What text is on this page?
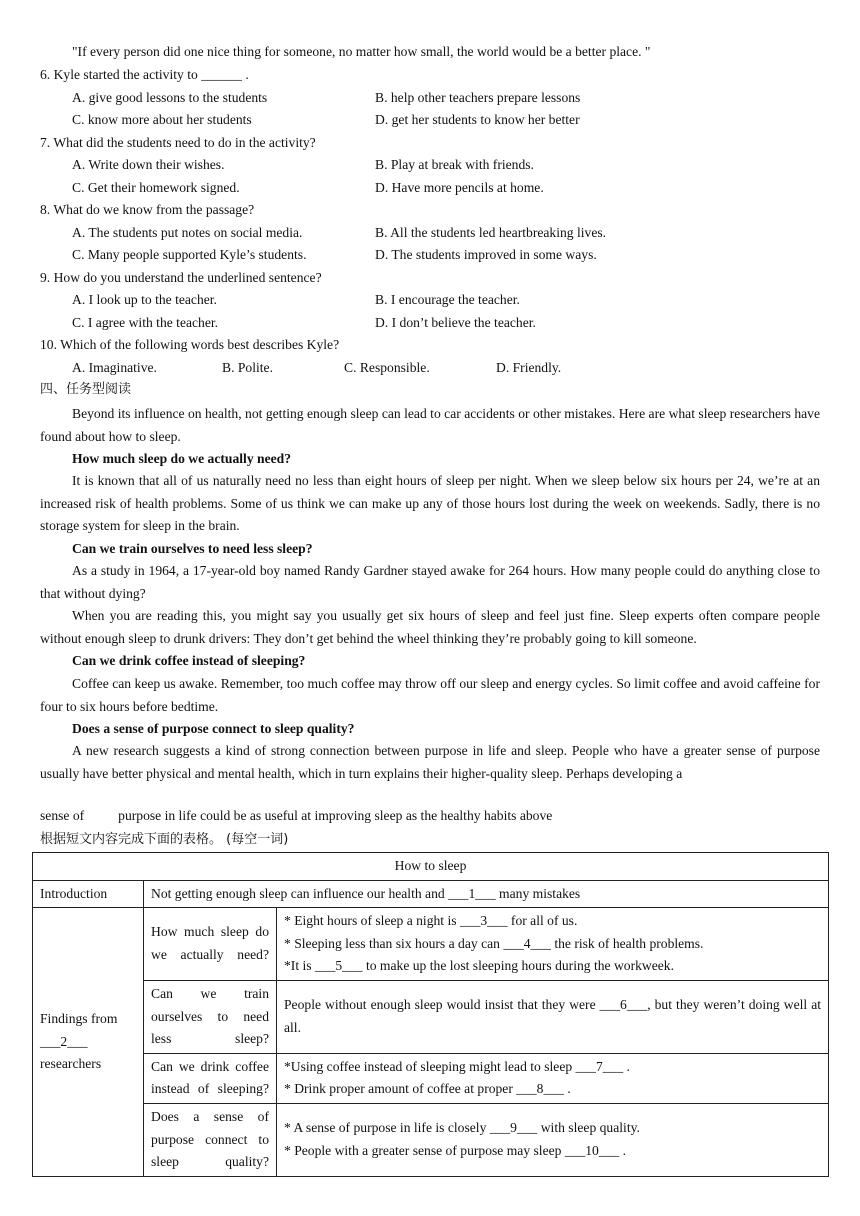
"If every person did one nice thing for someone, no matter how small, the world would be a better place. "
6. Kyle started the activity to ______ .
A. give good lessons to the students	B. help other teachers prepare lessons
C. know more about her students	D. get her students to know her better
7. What did the students need to do in the activity?
A. Write down their wishes.	B. Play at break with friends.
C. Get their homework signed.	D. Have more pencils at home.
8. What do we know from the passage?
A. The students put notes on social media.	B. All the students led heartbreaking lives.
C. Many people supported Kyle’s students.	D. The students improved in some ways.
9. How do you understand the underlined sentence?
A. I look up to the teacher.	B. I encourage the teacher.
C. I agree with the teacher.	D. I don’t believe the teacher.
10. Which of the following words best describes Kyle?
A. Imaginative.	B. Polite.	C. Responsible.	D. Friendly.
四、任务型阅读
Beyond its influence on health, not getting enough sleep can lead to car accidents or other mistakes. Here are what sleep researchers have found about how to sleep.
How much sleep do we actually need?
It is known that all of us naturally need no less than eight hours of sleep per night. When we sleep below six hours per 24, we’re at an increased risk of health problems. Some of us think we can make up any of those hours lost during the week on weekends. Sadly, there is no storage system for sleep in the brain.
Can we train ourselves to need less sleep?
As a study in 1964, a 17-year-old boy named Randy Gardner stayed awake for 264 hours. How many people could do anything close to that without dying?
When you are reading this, you might say you usually get six hours of sleep and feel just fine. Sleep experts often compare people without enough sleep to drunk drivers: They don’t get behind the wheel thinking they’re probably going to kill someone.
Can we drink coffee instead of sleeping?
Coffee can keep us awake. Remember, too much coffee may throw off our sleep and energy cycles. So limit coffee and avoid caffeine for four to six hours before bedtime.
Does a sense of purpose connect to sleep quality?
A new research suggests a kind of strong connection between purpose in life and sleep. People who have a greater sense of purpose usually have better physical and mental health, which in turn explains their higher-quality sleep. Perhaps developing a
sense of          purpose in life could be as useful at improving sleep as the healthy habits above
根据短文内容完成下面的表格。 (每空一词)
How to sleep		
Introduction	Not getting enough sleep can influence our health and ___1___ many mistakes	
Findings from ___2___ researchers	How much sleep do we actually need?	* Eight hours of sleep a night is ___3___ for all of us.
* Sleeping less than six hours a day can ___4___ the risk of health problems.
*It is ___5___ to make up the lost sleeping hours during the workweek.

	Can we train ourselves to need less sleep?	People without enough sleep would insist that they were ___6___, but they weren’t doing well at all.

	Can we drink coffee instead of sleeping?	*Using coffee instead of sleeping might lead to sleep ___7___ .
* Drink proper amount of coffee at proper ___8___ .

	Does a sense of purpose connect to sleep quality?	* A sense of purpose in life is closely ___9___ with sleep quality.
* People with a greater sense of purpose may sleep ___10___ .
